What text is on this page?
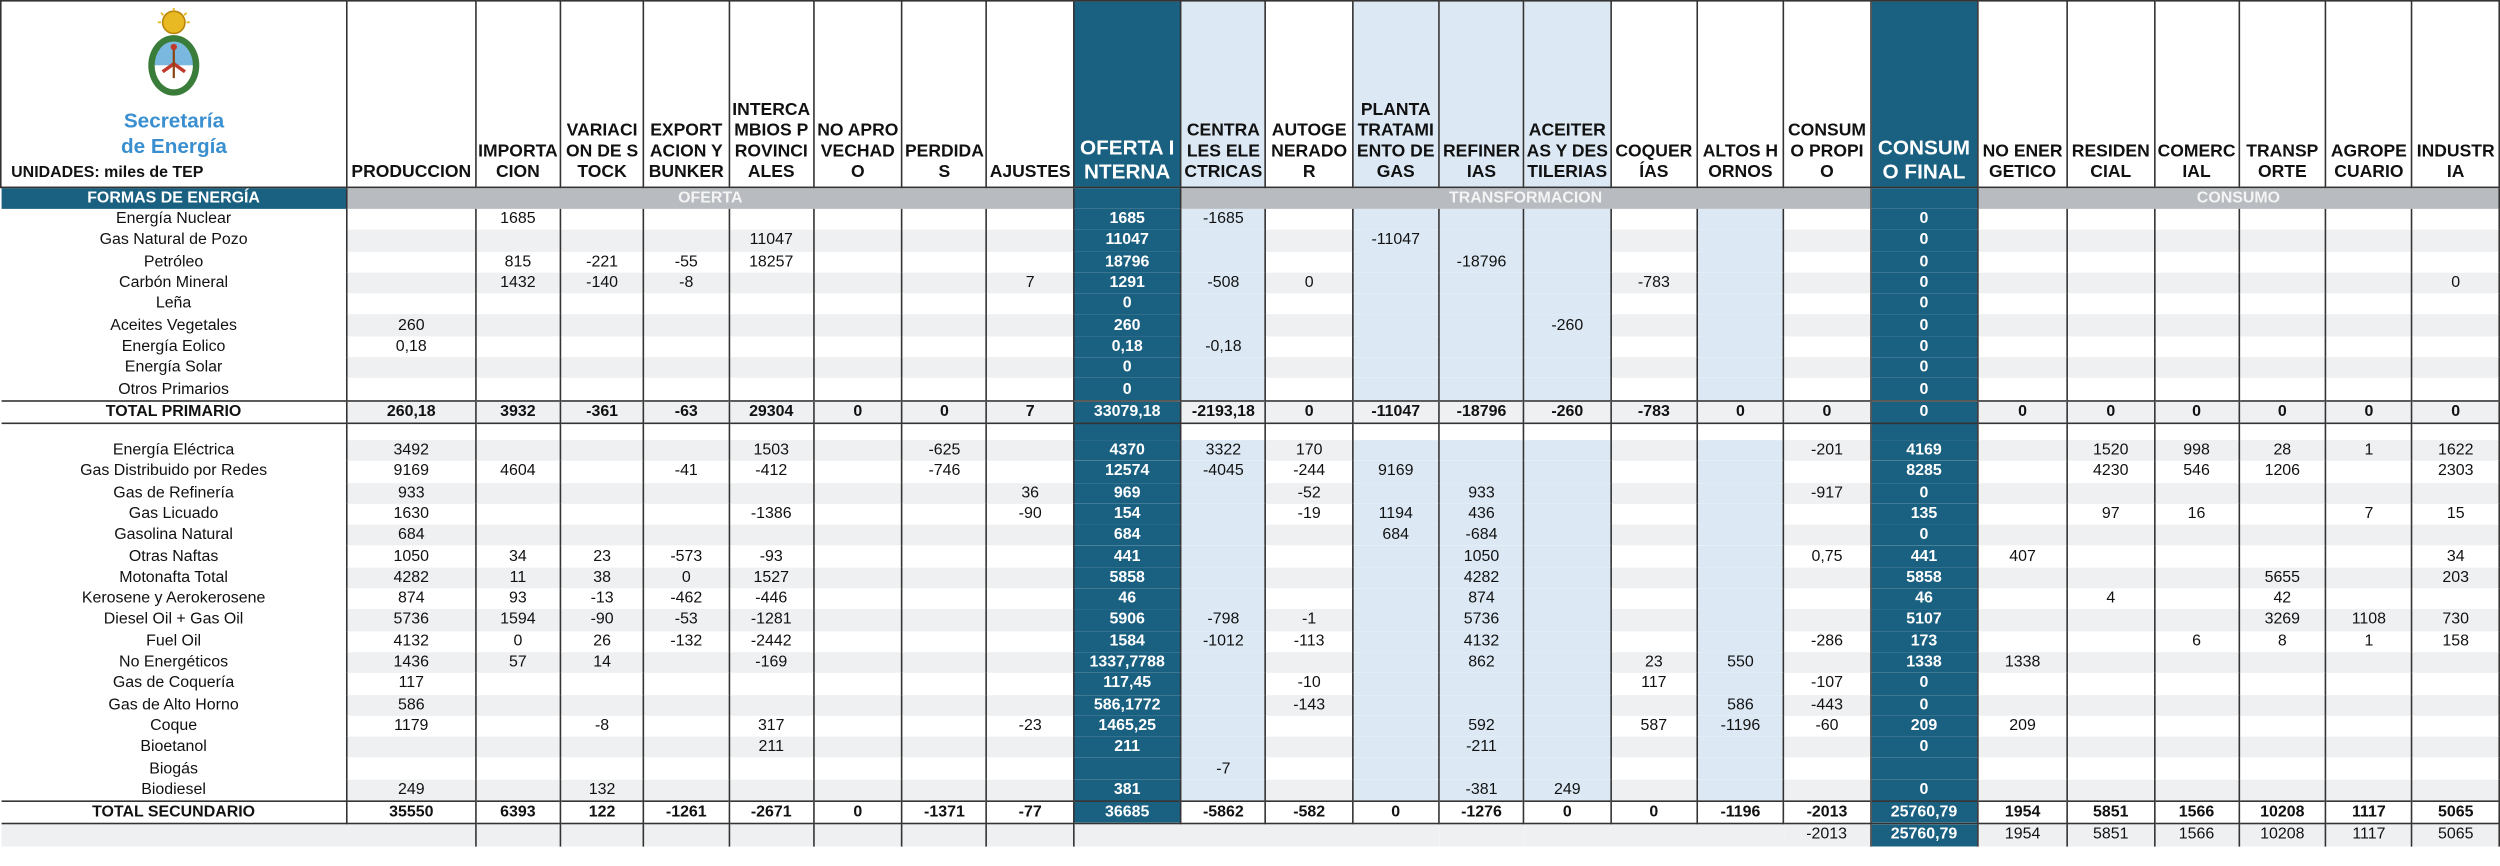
Secretaría
de Energía
UNIDADES: miles de TEP	PRODUCCION	IMPORTACION	VARIACION DE STOCK	EXPORTACION Y BUNKER	INTERCAMBIOS PROVINCIALES	NO APROVECHADO	PERDIDAS	AJUSTES	OFERTA INTERNA	CENTRALES ELECTRICAS	AUTOGENERADOR	PLANTA TRATAMIENTO DE GAS	REFINERIAS	ACEITERAS Y DESTILERIAS	COQUERÍAS	ALTOS HORNOS	CONSUMO PROPIO	CONSUMO FINAL	NO ENERGETICO	RESIDENCIAL	COMERCIAL	TRANSPORTE	AGROPECUARIO	INDUSTRIA
FORMAS DE ENERGÍA	OFERTA									TRANSFORMACION									CONSUMO					
Energía Nuclear		1685							1685	-1685								0						
Gas Natural de Pozo					11047				11047			-11047						0						
Petróleo		815	-221	-55	18257				18796				-18796					0						
Carbón Mineral		1432	-140	-8				7	1291	-508	0				-783			0						0
Leña									0									0						
Aceites Vegetales	260								260					-260				0						
Energía Eolico	0,18								0,18	-0,18								0						
Energía Solar									0									0						
Otros Primarios									0									0						
TOTAL PRIMARIO	260,18	3932	-361	-63	29304	0	0	7	33079,18	-2193,18	0	-11047	-18796	-260	-783	0	0	0	0	0	0	0	0	0

Energía Eléctrica	3492				1503		-625		4370	3322	170						-201	4169		1520	998	28	1	1622
Gas Distribuido por Redes	9169	4604		-41	-412		-746		12574	-4045	-244	9169						8285		4230	546	1206		2303
Gas de Refinería	933							36	969		-52		933				-917	0						
Gas Licuado	1630				-1386			-90	154		-19	1194	436					135		97	16		7	15
Gasolina Natural	684								684			684	-684					0						
Otras Naftas	1050	34	23	-573	-93				441				1050				0,75	441	407					34
Motonafta Total	4282	11	38	0	1527				5858				4282					5858				5655		203
Kerosene y Aerokerosene	874	93	-13	-462	-446				46				874					46		4		42		
Diesel Oil + Gas Oil	5736	1594	-90	-53	-1281				5906	-798	-1		5736					5107				3269	1108	730
Fuel Oil	4132	0	26	-132	-2442				1584	-1012	-113		4132				-286	173			6	8	1	158
No Energéticos	1436	57	14		-169				1337,7788				862		23	550		1338	1338					
Gas de Coquería	117								117,45		-10				117		-107	0						
Gas de Alto Horno	586								586,1772		-143					586	-443	0						
Coque	1179		-8		317			-23	1465,25				592		587	-1196	-60	209	209					
Bioetanol					211				211				-211					0						
Biogás										-7														
Biodiesel	249		132						381				-381	249				0						
TOTAL SECUNDARIO	35550	6393	122	-1261	-2671	0	-1371	-77	36685	-5862	-582	0	-1276	0	0	-1196	-2013	25760,79	1954	5851	1566	10208	1117	5065
																	-2013	25760,79	1954	5851	1566	10208	1117	5065
